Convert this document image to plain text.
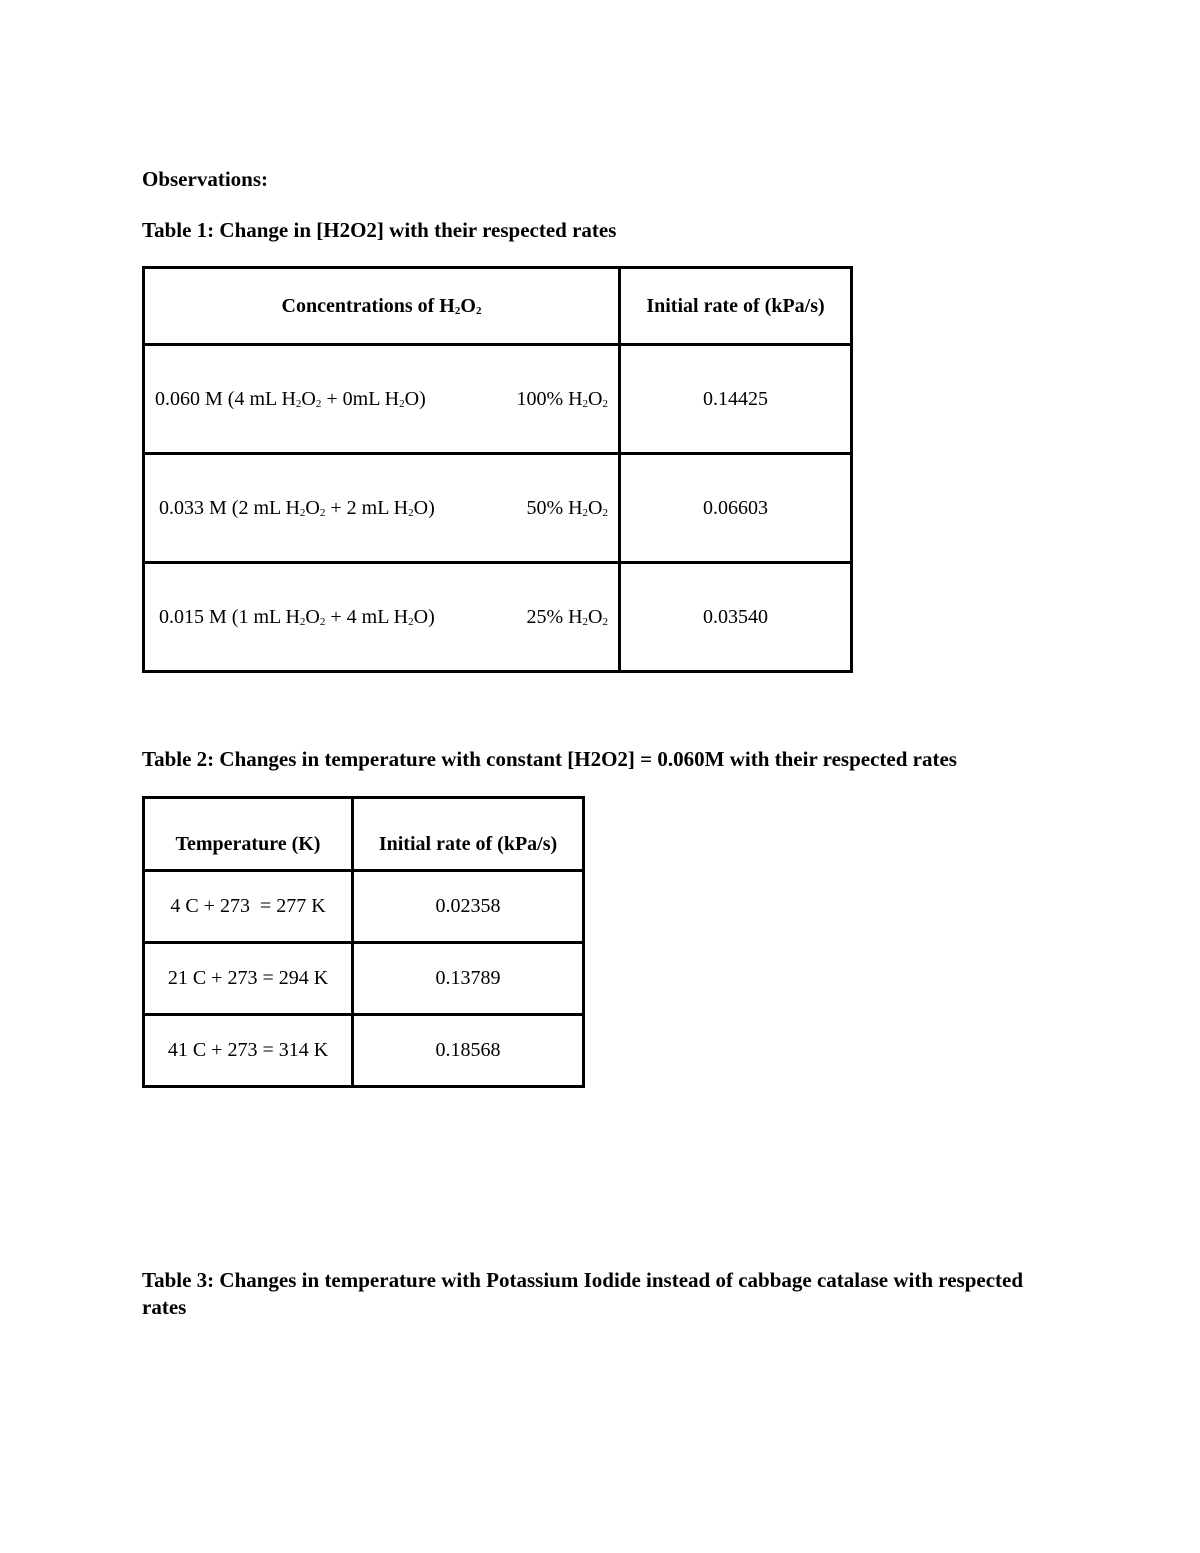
Observations:

Table 1: Change in [H2O2] with their respected rates

Concentrations of $H_2O_2$	Initial rate of (kPa/s)

0.060 M (4 mL $H_2O_2 + 0mL$ $H_2O$) 100% $H_2O_2$	0.14425

0.033 M (2 mL $H_2O_2 + 2$ mL $H_2O$) 50% $H_2O_2$	0.06603

0.015 M (1 mL $H_2O_2 + 4$ mL $H_2O$) 25% $H_2O_2$	0.03540

Table 2: Changes in temperature with constant [H2O2] = 0.060M with their respected rates

Temperature (K)	Initial rate of (kPa/s)
4 C + 273  = 277 K	0.02358
21 C + 273 = 294 K	0.13789
41 C + 273 = 314 K	0.18568

Table 3: Changes in temperature with Potassium Iodide instead of cabbage catalase with respected rates
